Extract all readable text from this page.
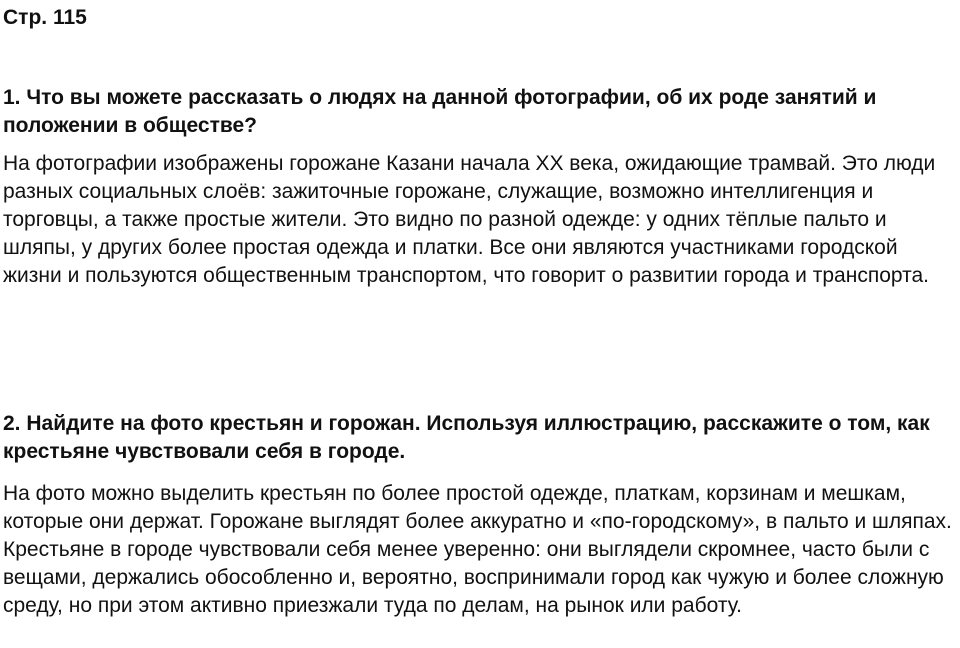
Стр. 115

1. Что вы можете рассказать о людях на данной фотографии, об их роде занятий и положении в обществе?

На фотографии изображены горожане Казани начала XX века, ожидающие трамвай. Это люди разных социальных слоёв: зажиточные горожане, служащие, возможно интеллигенция и торговцы, а также простые жители. Это видно по разной одежде: у одних тёплые пальто и шляпы, у других более простая одежда и платки. Все они являются участниками городской жизни и пользуются общественным транспортом, что говорит о развитии города и транспорта.

2. Найдите на фото крестьян и горожан. Используя иллюстрацию, расскажите о том, как крестьяне чувствовали себя в городе.

На фото можно выделить крестьян по более простой одежде, платкам, корзинам и мешкам, которые они держат. Горожане выглядят более аккуратно и «по-городскому», в пальто и шляпах. Крестьяне в городе чувствовали себя менее уверенно: они выглядели скромнее, часто были с вещами, держались обособленно и, вероятно, воспринимали город как чужую и более сложную среду, но при этом активно приезжали туда по делам, на рынок или работу.
